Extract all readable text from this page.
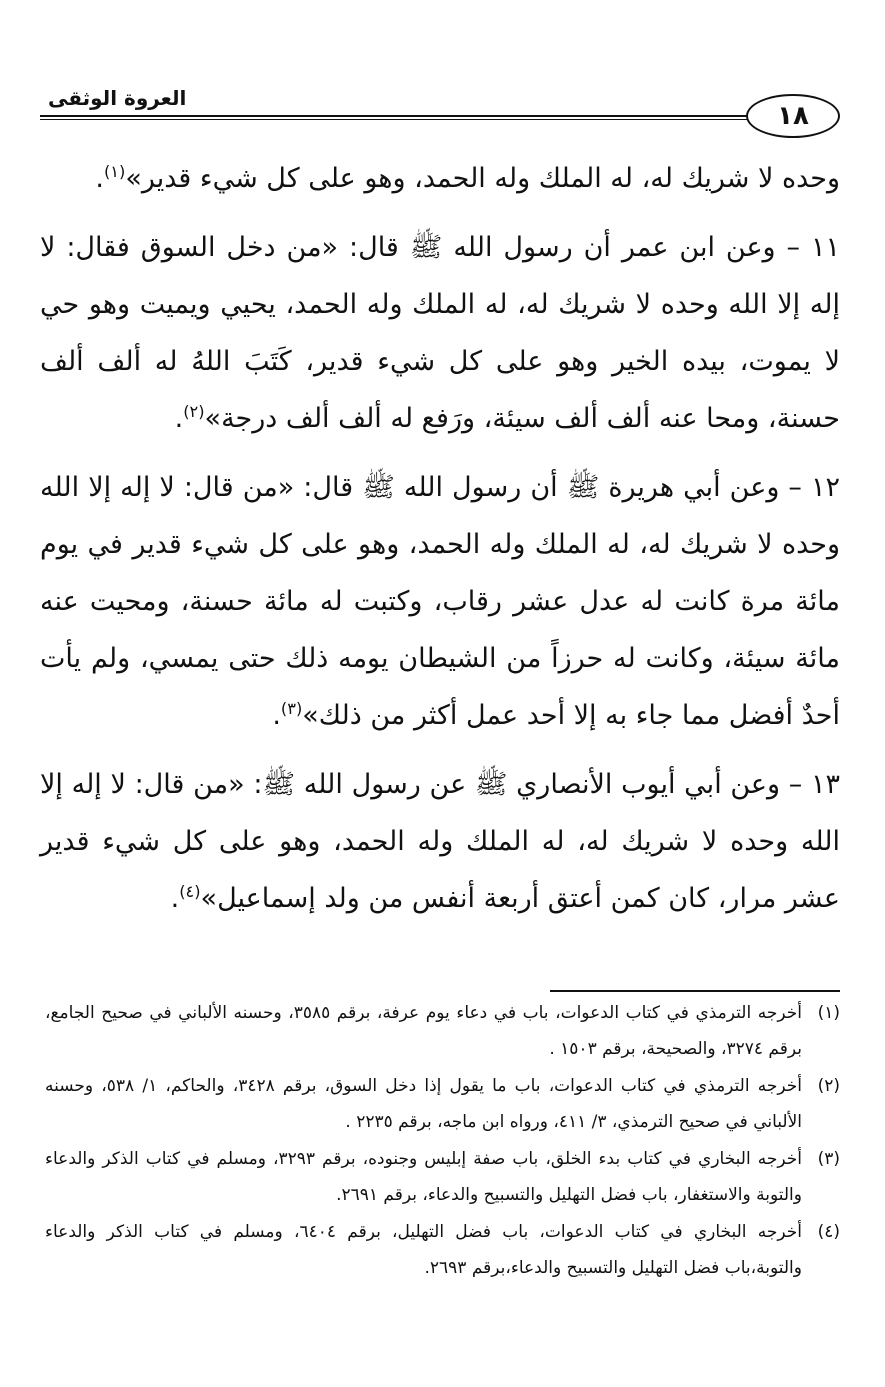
١٨
العروة الوثقى

وحده لا شريك له، له الملك وله الحمد، وهو على كل شيء قدير»$^{(١)}$.

١١ – وعن ابن عمر أن رسول الله ﷺ قال: «من دخل السوق فقال: لا إله إلا الله وحده لا شريك له، له الملك وله الحمد، يحيي ويميت وهو حي لا يموت، بيده الخير وهو على كل شيء قدير، كَتَبَ اللهُ له ألف ألف حسنة، ومحا عنه ألف ألف سيئة، ورَفع له ألف ألف درجة»$^{(٢)}$.

١٢ – وعن أبي هريرة ﷺ أن رسول الله ﷺ قال: «من قال: لا إله إلا الله وحده لا شريك له، له الملك وله الحمد، وهو على كل شيء قدير في يوم مائة مرة كانت له عدل عشر رقاب، وكتبت له مائة حسنة، ومحيت عنه مائة سيئة، وكانت له حرزاً من الشيطان يومه ذلك حتى يمسي، ولم يأت أحدٌ أفضل مما جاء به إلا أحد عمل أكثر من ذلك»$^{(٣)}$.

١٣ – وعن أبي أيوب الأنصاري ﷺ عن رسول الله ﷺ: «من قال: لا إله إلا الله وحده لا شريك له، له الملك وله الحمد، وهو على كل شيء قدير عشر مرار، كان كمن أعتق أربعة أنفس من ولد إسماعيل»$^{(٤)}$.

(١)
أخرجه الترمذي في كتاب الدعوات، باب في دعاء يوم عرفة، برقم ٣٥٨٥، وحسنه الألباني في صحيح الجامع، برقم ٣٢٧٤، والصحيحة، برقم ١٥٠٣ .

(٢)
أخرجه الترمذي في كتاب الدعوات، باب ما يقول إذا دخل السوق، برقم ٣٤٢٨، والحاكم، ١/ ٥٣٨، وحسنه الألباني في صحيح الترمذي، ٣/ ٤١١، ورواه ابن ماجه، برقم ٢٢٣٥ .

(٣)
أخرجه البخاري في كتاب بدء الخلق، باب صفة إبليس وجنوده، برقم ٣٢٩٣، ومسلم في كتاب الذكر والدعاء والتوبة والاستغفار، باب فضل التهليل والتسبيح والدعاء، برقم ٢٦٩١.

(٤)
أخرجه البخاري في كتاب الدعوات، باب فضل التهليل، برقم ٦٤٠٤، ومسلم في كتاب الذكر والدعاء والتوبة،باب فضل التهليل والتسبيح والدعاء،برقم ٢٦٩٣.
